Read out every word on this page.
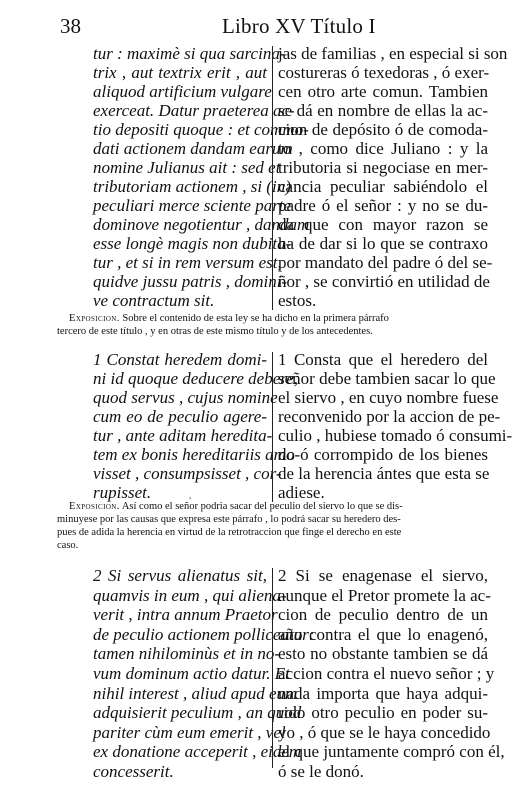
38	Libro XV Título I
tur : maximè si qua sarcina-
trix , aut textrix erit , aut
aliquod artificium vulgare
exerceat. Datur praeterea ac-
tio depositi quoque : et commo-
dati actionem dandam earum
nomine Julianus ait : sed et
tributoriam actionem , si (in)
peculiari merce sciente parte
dominove negotientur , dandam
esse longè magis non dubita-
tur , et si in rem versum est,
quidve jussu patris , domini-
ve contractum sit.
jas de familias , en especial si son
costureras ó texedoras , ó exer-
cen otro arte comun. Tambien
se dá en nombre de ellas la ac-
cion de depósito ó de comoda-
to , como dice Juliano : y la
tributoria si negociase en mer-
cancia peculiar sabiéndolo el
padre ó el señor : y no se du-
da que con mayor razon se
ha de dar si lo que se contraxo
por mandato del padre ó del se-
ñor , se convirtió en utilidad de
estos.
Exposicion. Sobre el contenido de esta ley se ha dicho en la primera párrafo
tercero de este título , y en otras de este mismo título y de los antecedentes.
1 Constat heredem domi-
ni id quoque deducere debere,
quod servus , cujus nomine
cum eo de peculio agere-
tur , ante aditam heredita-
tem ex bonis hereditariis amo-
visset , consumpsisset , cor-
rupisset.
1 Consta que el heredero del
señor debe tambien sacar lo que
el siervo , en cuyo nombre fuese
reconvenido por la accion de pe-
culio , hubiese tomado ó consumi-
do ó corrompido de los bienes
de la herencia ántes que esta se
adiese.
,
Exposicion. Así como el señor podria sacar del peculio del siervo lo que se dis-
minuyese por las causas que expresa este párrafo , lo podrá sacar su heredero des-
pues de adida la herencia en virtud de la retrotraccion que finge el derecho en este
caso.
2 Si servus alienatus sit,
quamvis in eum , qui aliena-
verit , intra annum Praetor
de peculio actionem polliceatur:
tamen nihilominùs et in no-
vum dominum actio datur. Et
nihil interest , aliud apud eum
adquisierit peculium , an quod
pariter cùm eum emerit , vel
ex donatione acceperit , eidem
concesserit.
2 Si se enagenase el siervo,
aunque el Pretor promete la ac-
cion de peculio dentro de un
año contra el que lo enagenó,
esto no obstante tambien se dá
accion contra el nuevo señor ; y
nada importa que haya adqui-
rido otro peculio en poder su-
yo , ó que se le haya concedido
el que juntamente compró con él,
ó se le donó.
